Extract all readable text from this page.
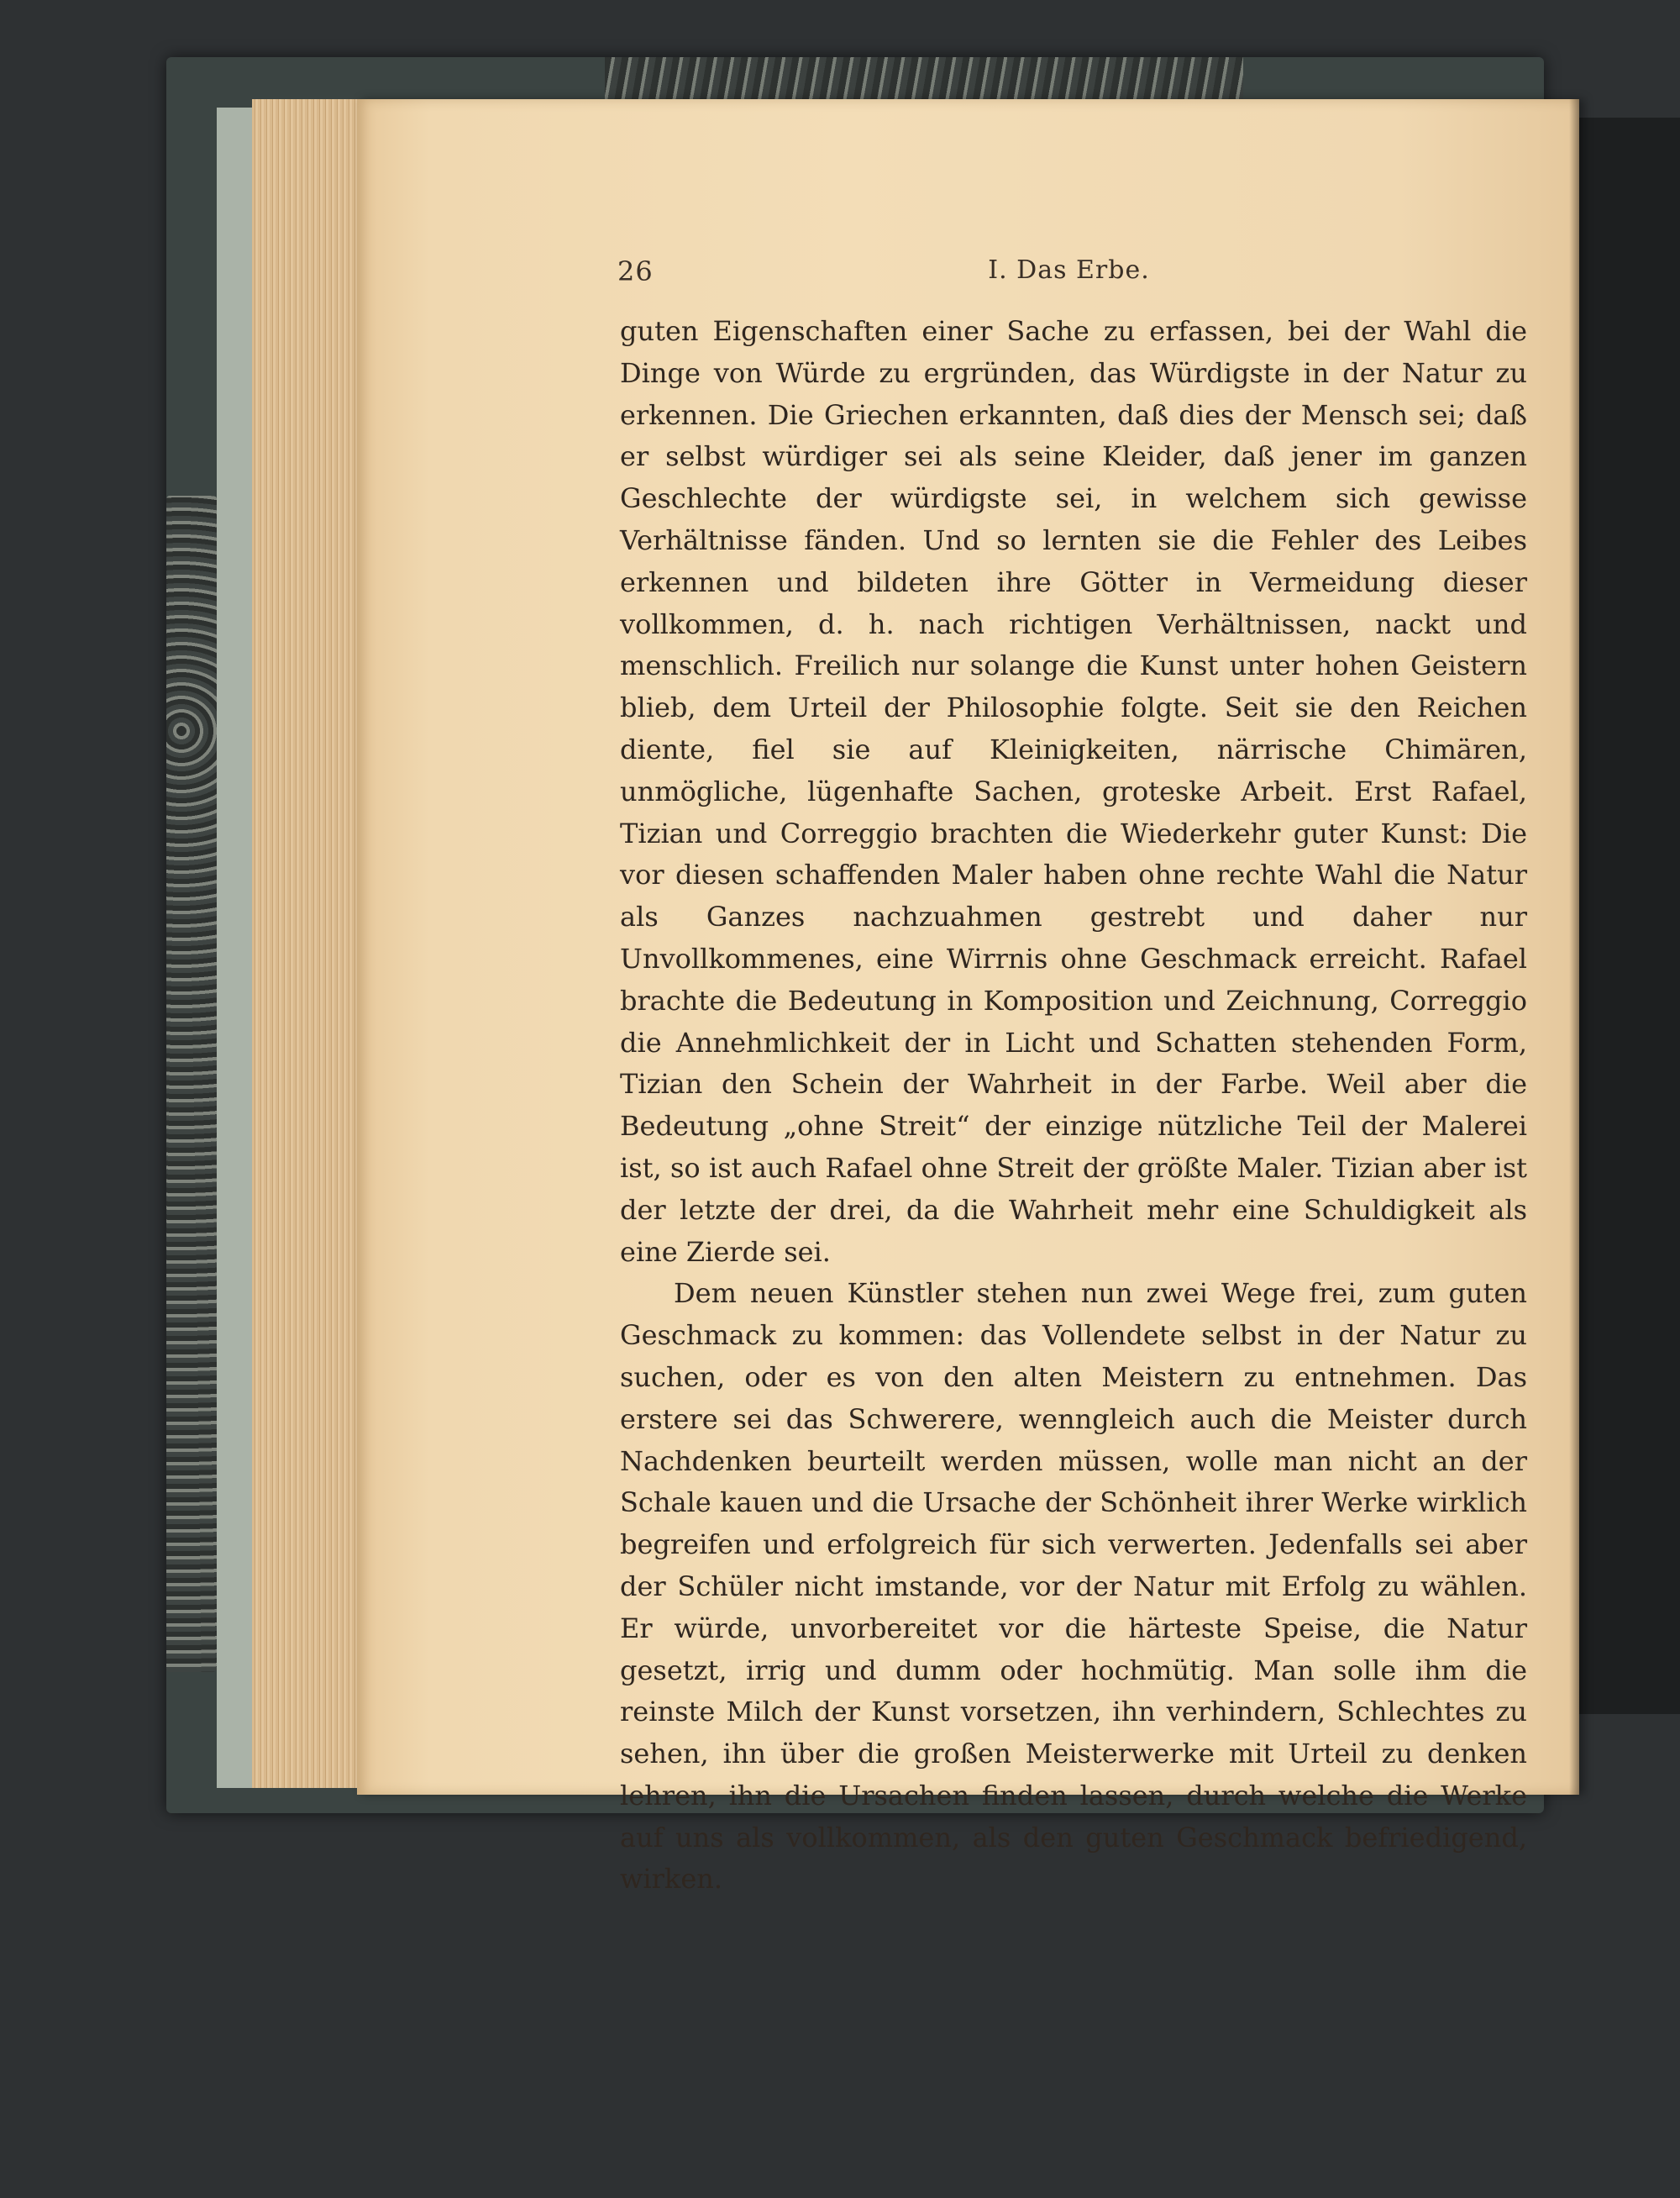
26	I. Das Erbe.

guten Eigenschaften einer Sache zu erfassen, bei der Wahl die Dinge von Würde zu ergründen, das Würdigste in der Natur zu erkennen. Die Griechen erkannten, daß dies der Mensch sei; daß er selbst würdiger sei als seine Kleider, daß jener im ganzen Geschlechte der würdigste sei, in welchem sich gewisse Verhältnisse fänden. Und so lernten sie die Fehler des Leibes erkennen und bildeten ihre Götter in Vermeidung dieser vollkommen, d. h. nach richtigen Verhältnissen, nackt und menschlich. Freilich nur solange die Kunst unter hohen Geistern blieb, dem Urteil der Philosophie folgte. Seit sie den Reichen diente, fiel sie auf Kleinigkeiten, närrische Chimären, unmögliche, lügenhafte Sachen, groteske Arbeit. Erst Rafael, Tizian und Correggio brachten die Wiederkehr guter Kunst: Die vor diesen schaffenden Maler haben ohne rechte Wahl die Natur als Ganzes nachzuahmen gestrebt und daher nur Unvollkommenes, eine Wirrnis ohne Geschmack erreicht. Rafael brachte die Bedeutung in Komposition und Zeichnung, Correggio die Annehmlichkeit der in Licht und Schatten stehenden Form, Tizian den Schein der Wahrheit in der Farbe. Weil aber die Bedeutung „ohne Streit“ der einzige nützliche Teil der Malerei ist, so ist auch Rafael ohne Streit der größte Maler. Tizian aber ist der letzte der drei, da die Wahrheit mehr eine Schuldigkeit als eine Zierde sei.

Dem neuen Künstler stehen nun zwei Wege frei, zum guten Geschmack zu kommen: das Vollendete selbst in der Natur zu suchen, oder es von den alten Meistern zu entnehmen. Das erstere sei das Schwerere, wenngleich auch die Meister durch Nachdenken beurteilt werden müssen, wolle man nicht an der Schale kauen und die Ursache der Schönheit ihrer Werke wirklich begreifen und erfolgreich für sich verwerten. Jedenfalls sei aber der Schüler nicht imstande, vor der Natur mit Erfolg zu wählen. Er würde, unvorbereitet vor die härteste Speise, die Natur gesetzt, irrig und dumm oder hochmütig. Man solle ihm die reinste Milch der Kunst vorsetzen, ihn verhindern, Schlechtes zu sehen, ihn über die großen Meisterwerke mit Urteil zu denken lehren, ihn die Ursachen finden lassen, durch welche die Werke auf uns als vollkommen, als den guten Geschmack befriedigend, wirken.
